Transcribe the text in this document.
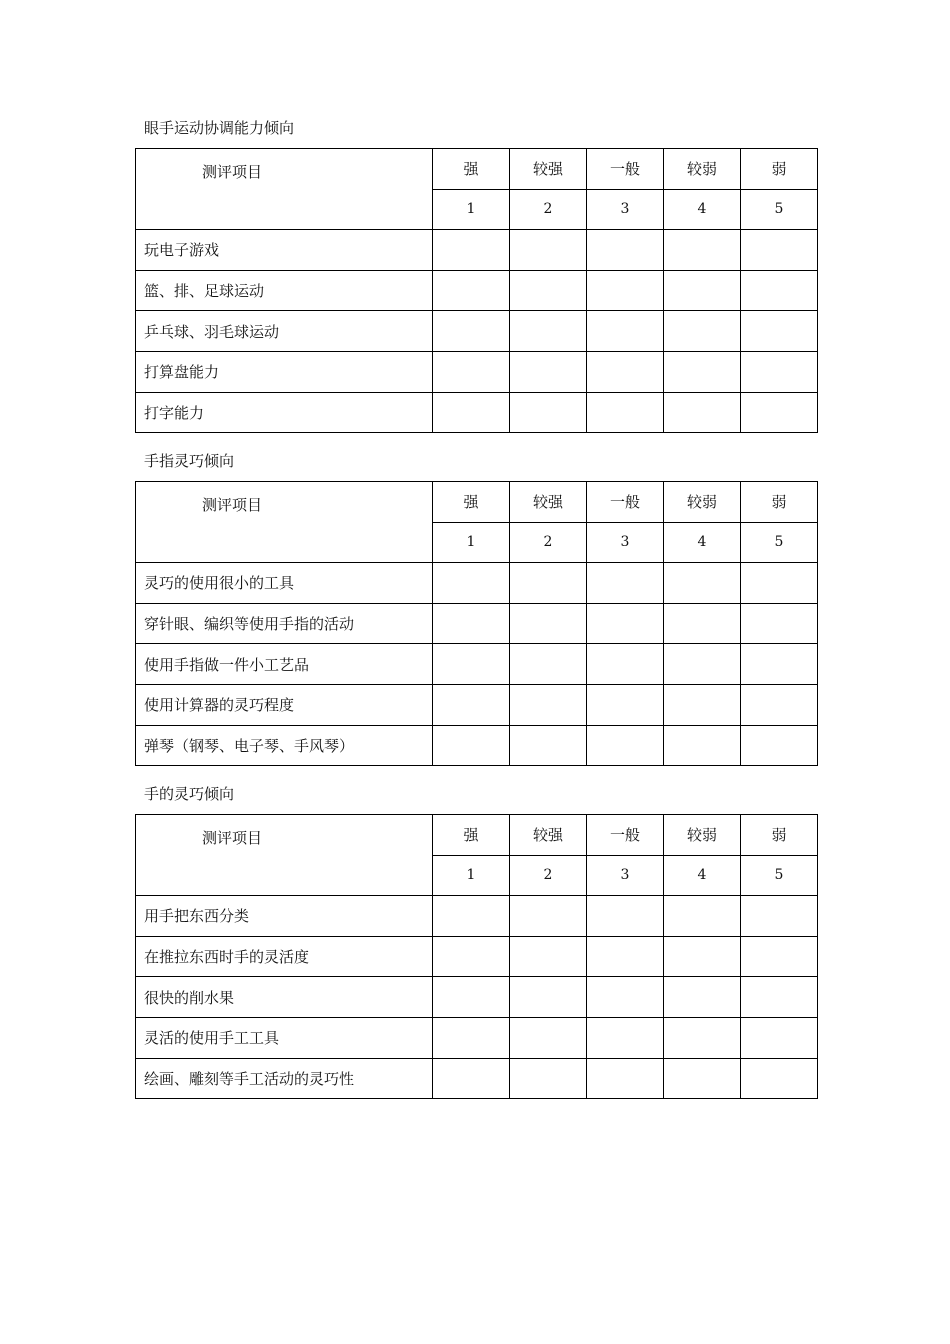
眼手运动协调能力倾向
测评项目	强	较强	一般	较弱	弱
	1	2	3	4	5
玩电子游戏					
篮、排、足球运动					
乒乓球、羽毛球运动					
打算盘能力					
打字能力					
手指灵巧倾向
测评项目	强	较强	一般	较弱	弱
	1	2	3	4	5
灵巧的使用很小的工具					
穿针眼、编织等使用手指的活动					
使用手指做一件小工艺品					
使用计算器的灵巧程度					
弹琴（钢琴、电子琴、手风琴）					
手的灵巧倾向
测评项目	强	较强	一般	较弱	弱
	1	2	3	4	5
用手把东西分类					
在推拉东西时手的灵活度					
很快的削水果					
灵活的使用手工工具					
绘画、雕刻等手工活动的灵巧性					
